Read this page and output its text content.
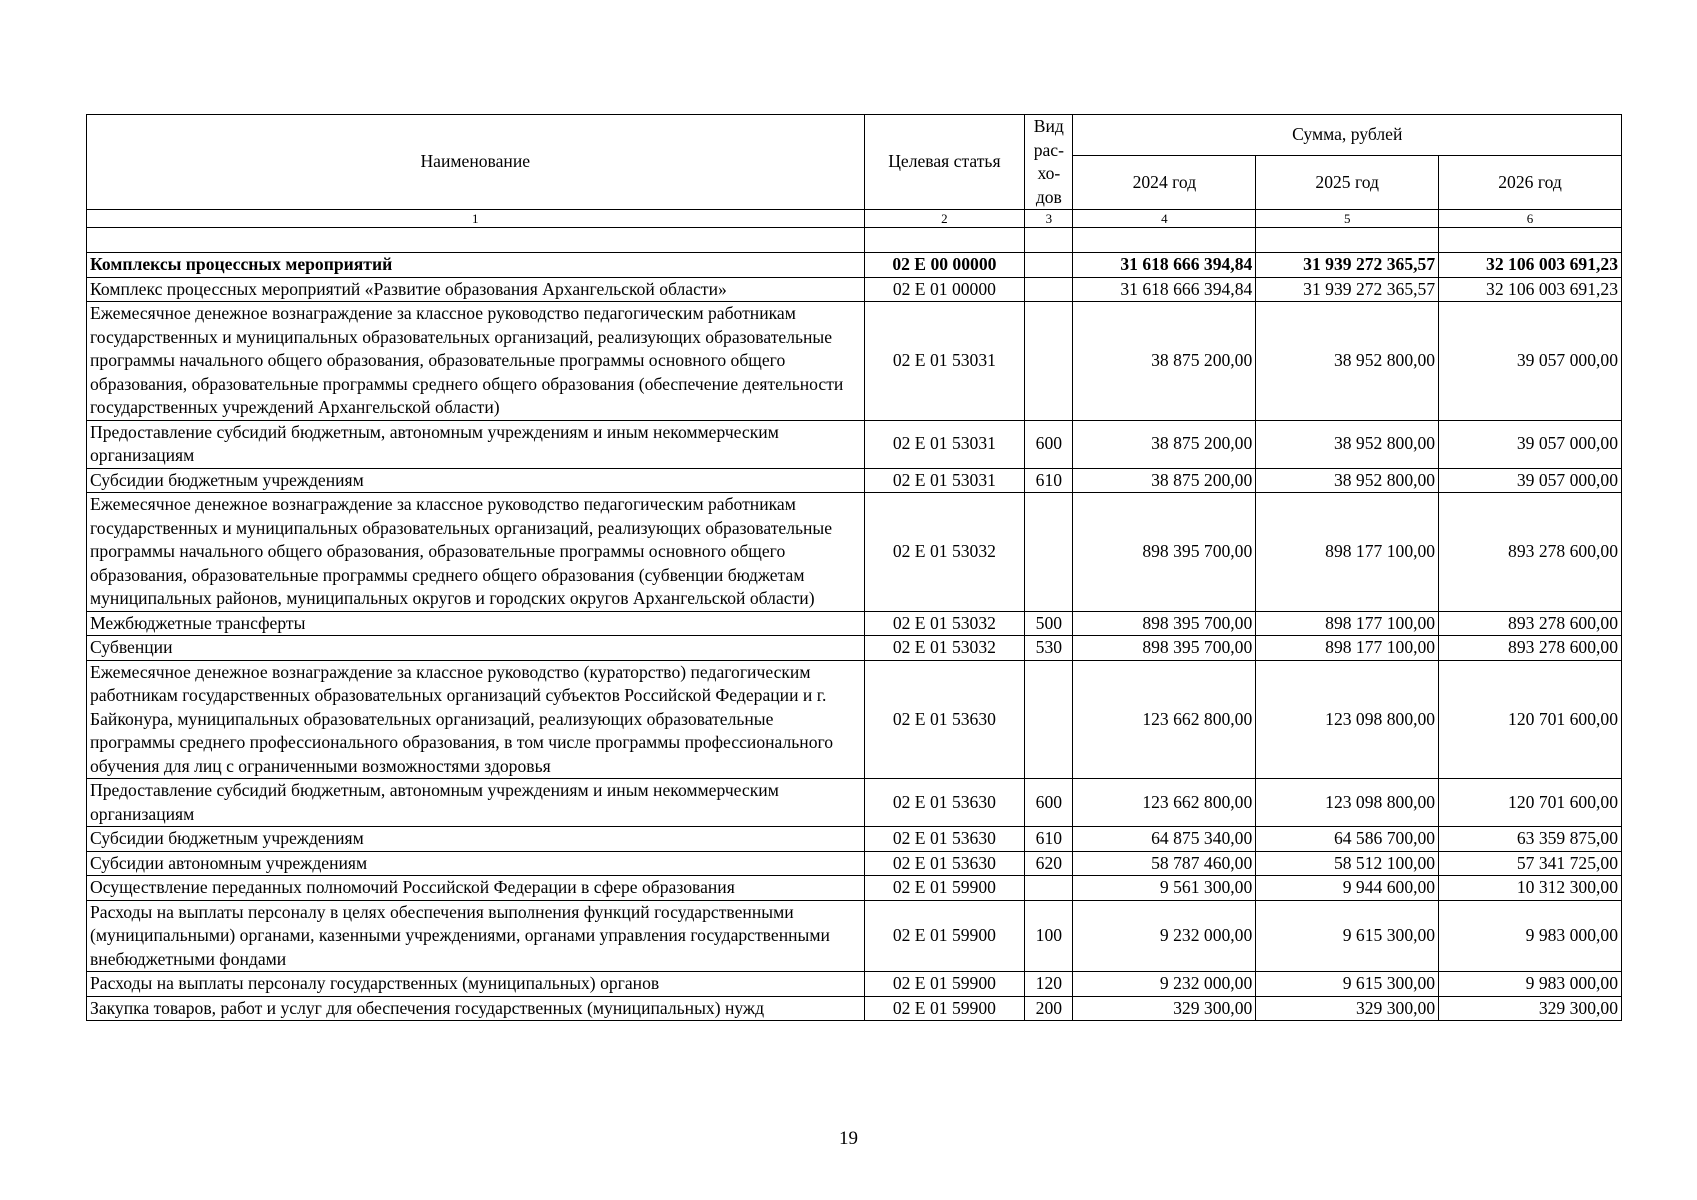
Наименование	Целевая статья	Вид рас-хо-дов	Сумма, рублей		
			2024 год	2025 год	2026 год
1	2	3	4	5	6

Комплексы процессных мероприятий	02 Е 00 00000		31 618 666 394,84	31 939 272 365,57	32 106 003 691,23
Комплекс процессных мероприятий «Развитие образования Архангельской области»	02 Е 01 00000		31 618 666 394,84	31 939 272 365,57	32 106 003 691,23
Ежемесячное денежное вознаграждение за классное руководство педагогическим работникам государственных и муниципальных образовательных организаций, реализующих образовательные программы начального общего образования, образовательные программы основного общего образования, образовательные программы среднего общего образования (обеспечение деятельности государственных учреждений Архангельской области)	02 Е 01 53031		38 875 200,00	38 952 800,00	39 057 000,00
Предоставление субсидий бюджетным, автономным учреждениям и иным некоммерческим организациям	02 Е 01 53031	600	38 875 200,00	38 952 800,00	39 057 000,00
Субсидии бюджетным учреждениям	02 Е 01 53031	610	38 875 200,00	38 952 800,00	39 057 000,00
Ежемесячное денежное вознаграждение за классное руководство педагогическим работникам государственных и муниципальных образовательных организаций, реализующих образовательные программы начального общего образования, образовательные программы основного общего образования, образовательные программы среднего общего образования (субвенции бюджетам муниципальных районов, муниципальных округов и городских округов Архангельской области)	02 Е 01 53032		898 395 700,00	898 177 100,00	893 278 600,00
Межбюджетные трансферты	02 Е 01 53032	500	898 395 700,00	898 177 100,00	893 278 600,00
Субвенции	02 Е 01 53032	530	898 395 700,00	898 177 100,00	893 278 600,00
Ежемесячное денежное вознаграждение за классное руководство (кураторство) педагогическим работникам государственных образовательных организаций субъектов Российской Федерации и г. Байконура, муниципальных образовательных организаций, реализующих образовательные программы среднего профессионального образования, в том числе программы профессионального обучения для лиц с ограниченными возможностями здоровья	02 Е 01 53630		123 662 800,00	123 098 800,00	120 701 600,00
Предоставление субсидий бюджетным, автономным учреждениям и иным некоммерческим организациям	02 Е 01 53630	600	123 662 800,00	123 098 800,00	120 701 600,00
Субсидии бюджетным учреждениям	02 Е 01 53630	610	64 875 340,00	64 586 700,00	63 359 875,00
Субсидии автономным учреждениям	02 Е 01 53630	620	58 787 460,00	58 512 100,00	57 341 725,00
Осуществление переданных полномочий Российской Федерации в сфере образования	02 Е 01 59900		9 561 300,00	9 944 600,00	10 312 300,00
Расходы на выплаты персоналу в целях обеспечения выполнения функций государственными (муниципальными) органами, казенными учреждениями, органами управления государственными внебюджетными фондами	02 Е 01 59900	100	9 232 000,00	9 615 300,00	9 983 000,00
Расходы на выплаты персоналу государственных (муниципальных) органов	02 Е 01 59900	120	9 232 000,00	9 615 300,00	9 983 000,00
Закупка товаров, работ и услуг для обеспечения государственных (муниципальных) нужд	02 Е 01 59900	200	329 300,00	329 300,00	329 300,00
19
